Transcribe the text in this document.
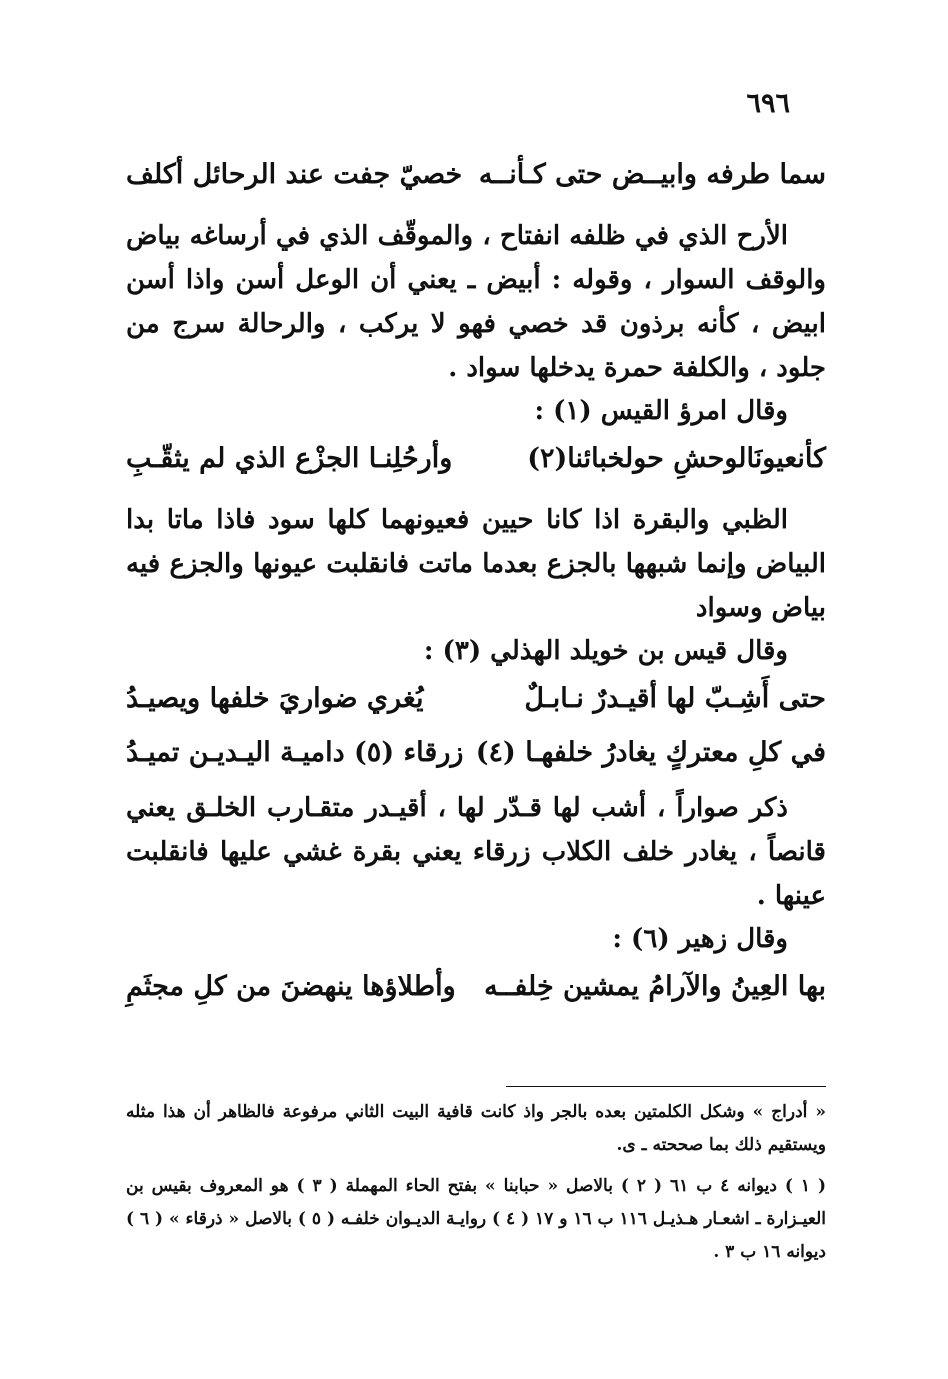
٦٩٦
سما طرفه وابيــض حتى كـأنــه
خصيّ جفت عند الرحائل أكلف

الأرح الذي في ظلفه انفتاح ، والموقّف الذي في أرساغه بياض والوقف السوار ، وقوله : أبيض ـ يعني أن الوعل أسن واذا أسن ابيض ، كأنه برذون قد خصي فهو لا يركب ، والرحالة سرج من جلود ، والكلفة حمرة يدخلها سواد .

وقال امرؤ القيس (١) :

كأنعيونَالوحشِ حولخبائنا(٢)
وأرحُلِنـا الجزْع الذي لم يثقّـبِ

الظبي والبقرة اذا كانا حيين فعيونهما كلها سود فاذا ماتا بدا البياض وإنما شبهها بالجزع بعدما ماتت فانقلبت عيونها والجزع فيه بياض وسواد

وقال قيس بن خويلد الهذلي (٣) :

حتى أَشِـبّ لها أقيـدرٌ نـابـلٌ
يُغري ضواريَ خلفها ويصيـدُ
في كلِ معتركٍ يغادرُ خلفهـا (٤)
زرقاء (٥) داميـة اليـديـن تميـدُ

ذكر صواراً ، أشب لها قـدّر لها ، أقيـدر متقـارب الخلـق يعني قانصاً ، يغادر خلف الكلاب زرقاء يعني بقرة غشي عليها فانقلبت عينها .

وقال زهير (٦) :

بها العِينُ والآرامُ يمشين خِلفــه
وأطلاؤها ينهضنَ من كلِ مجثَمِ

« أدراج » وشكل الكلمتين بعده بالجر واذ كانت قافية البيت الثاني مرفوعة فالظاهر أن هذا مثله ويستقيم ذلك بما صححته ـ ى.

( ١ ) ديوانه ٤ ب ٦١ ( ٢ ) بالاصل « حبابنا » بفتح الحاء المهملة ( ٣ ) هو المعروف بقيس بن العيـزارة ـ اشعـار هـذيـل ١١٦ ب ١٦ و ١٧ ( ٤ ) روايـة الديـوان خلفـه ( ٥ ) بالاصل « ذرقاء » ( ٦ ) ديوانه ١٦ ب ٣ .
